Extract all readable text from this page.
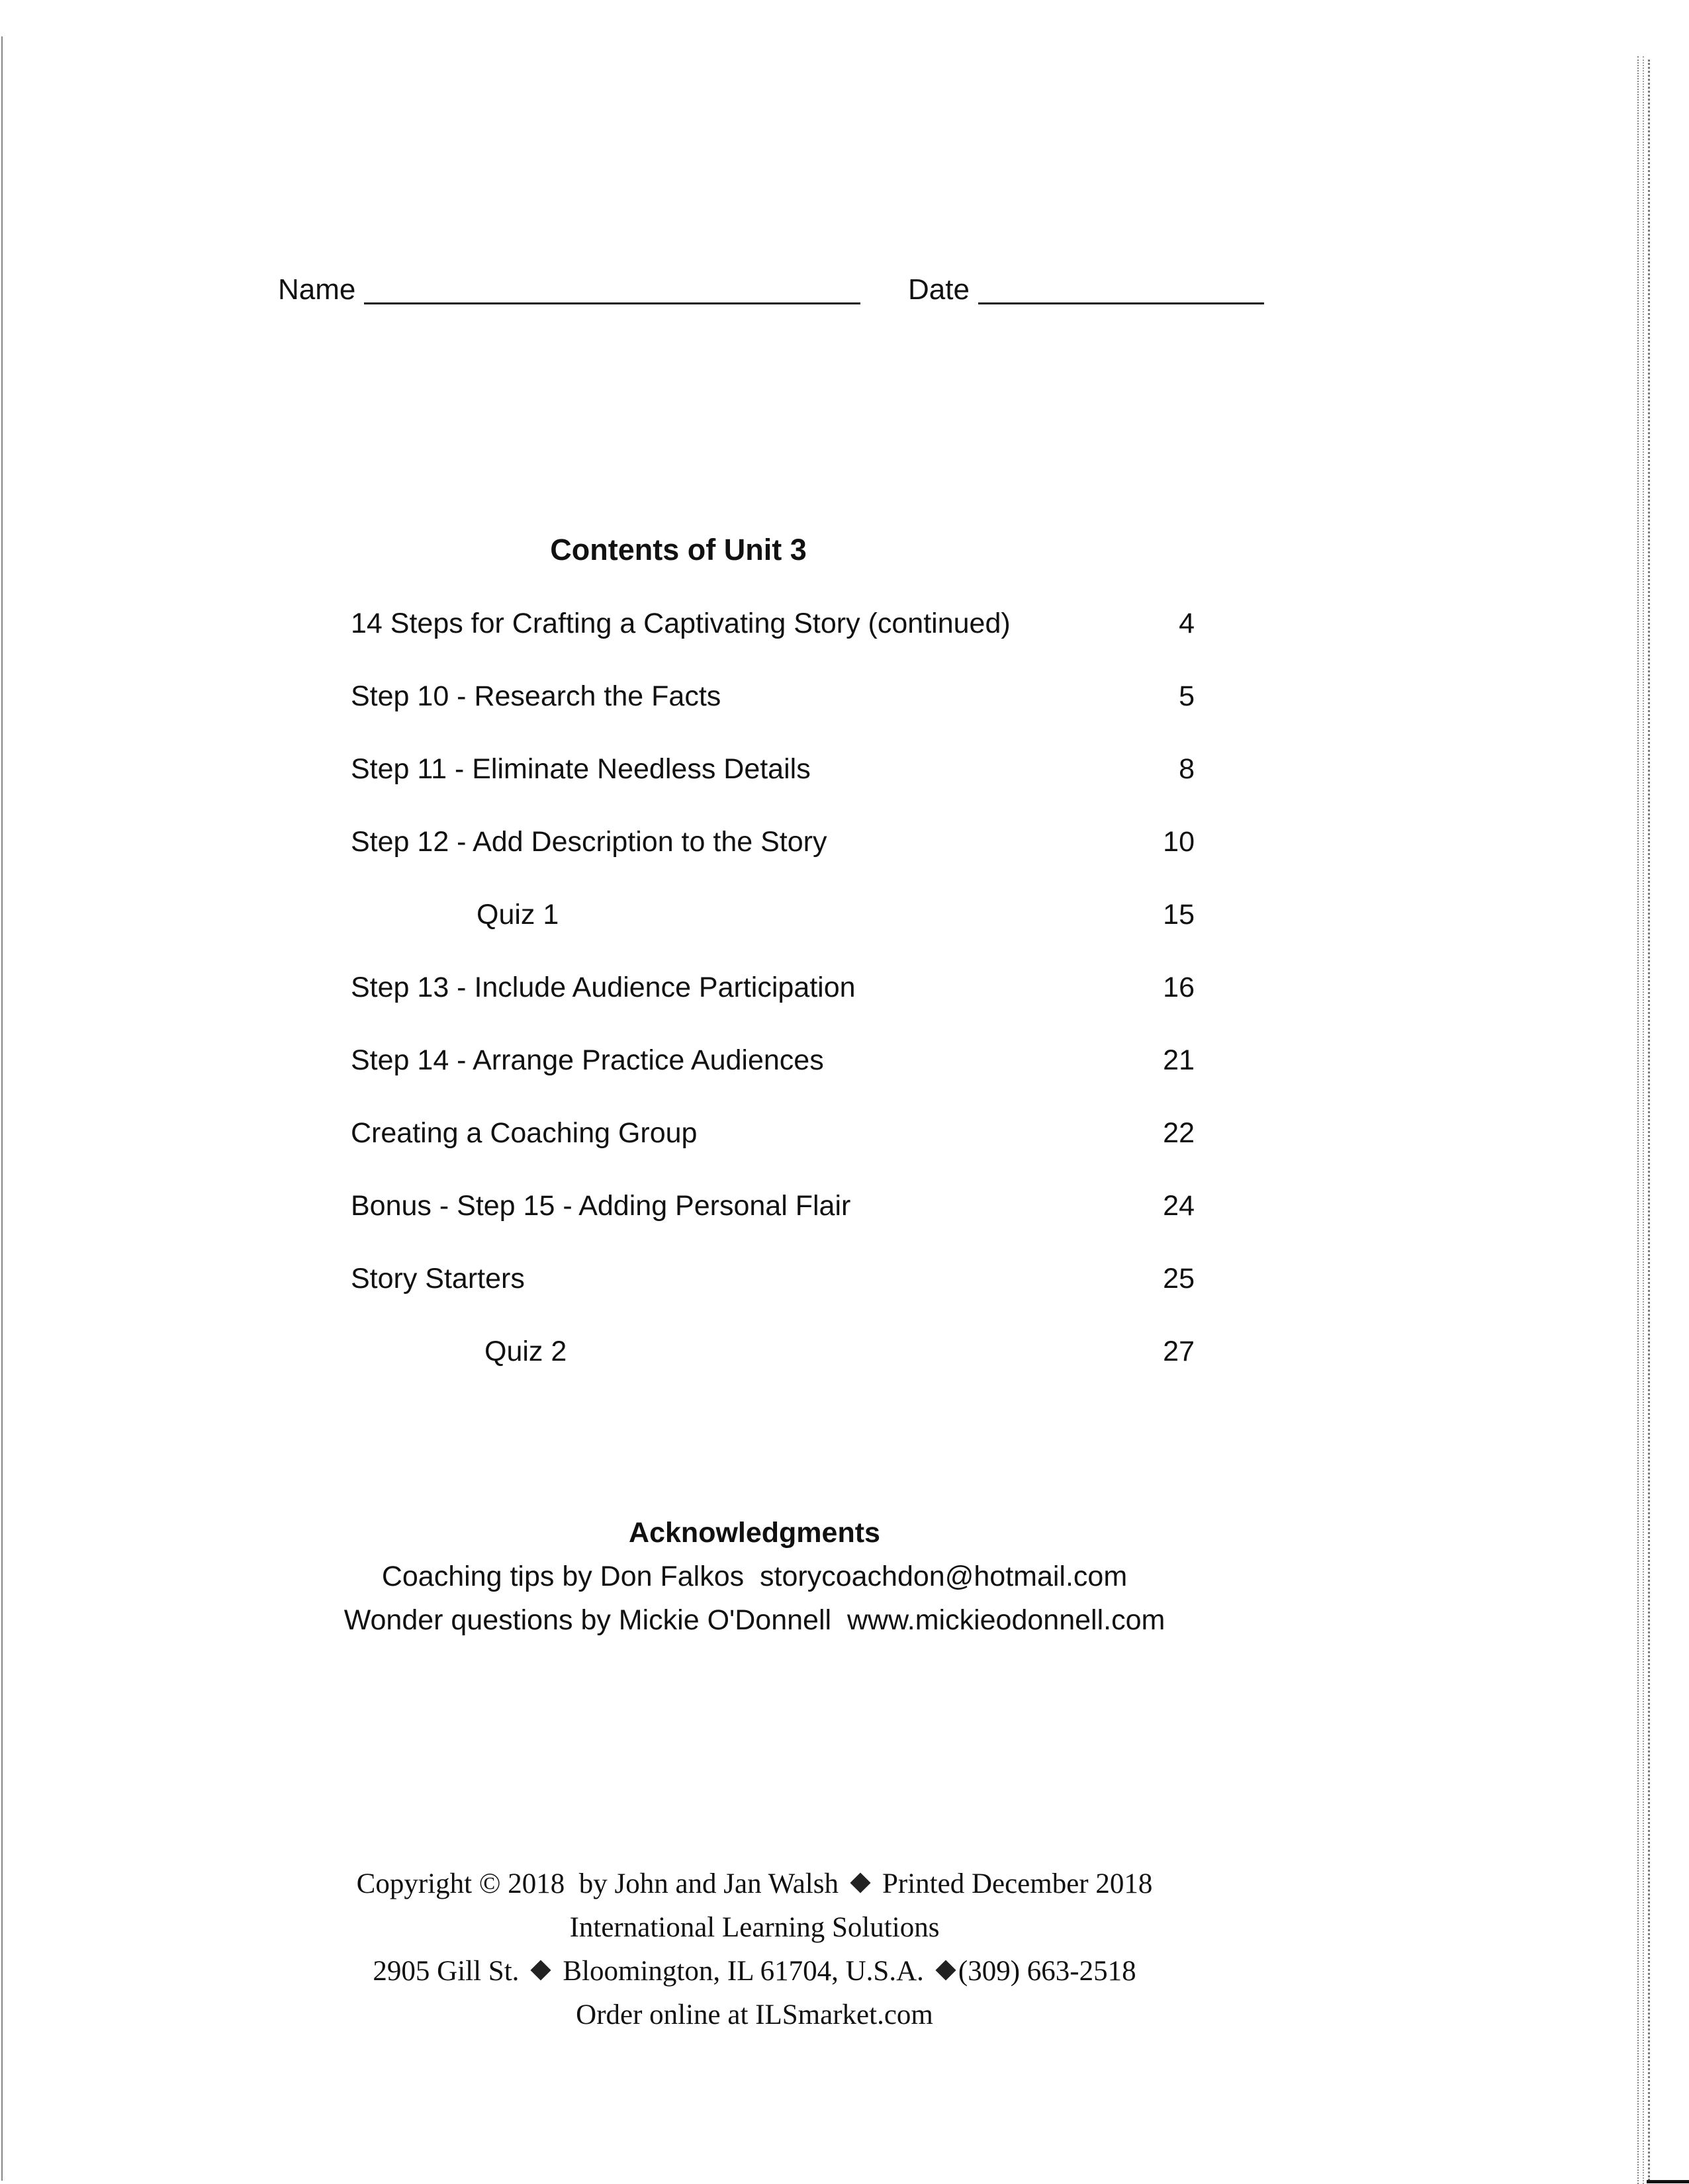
Name	Date
Contents of Unit 3
14 Steps for Crafting a Captivating Story (continued)	4
Step 10 - Research the Facts	5
Step 11 - Eliminate Needless Details	8
Step 12 - Add Description to the Story	10
Quiz 1	15
Step 13 - Include Audience Participation	16
Step 14 - Arrange Practice Audiences	21
Creating a Coaching Group	22
Bonus - Step 15 - Adding Personal Flair	24
Story Starters	25
Quiz 2	27
Acknowledgments
Coaching tips by Don Falkos  storycoachdon@hotmail.com
Wonder questions by Mickie O'Donnell  www.mickieodonnell.com
Copyright © 2018  by John and Jan Walsh Printed December 2018
International Learning Solutions
2905 Gill St. Bloomington, IL 61704, U.S.A. (309) 663-2518
Order online at ILSmarket.com
